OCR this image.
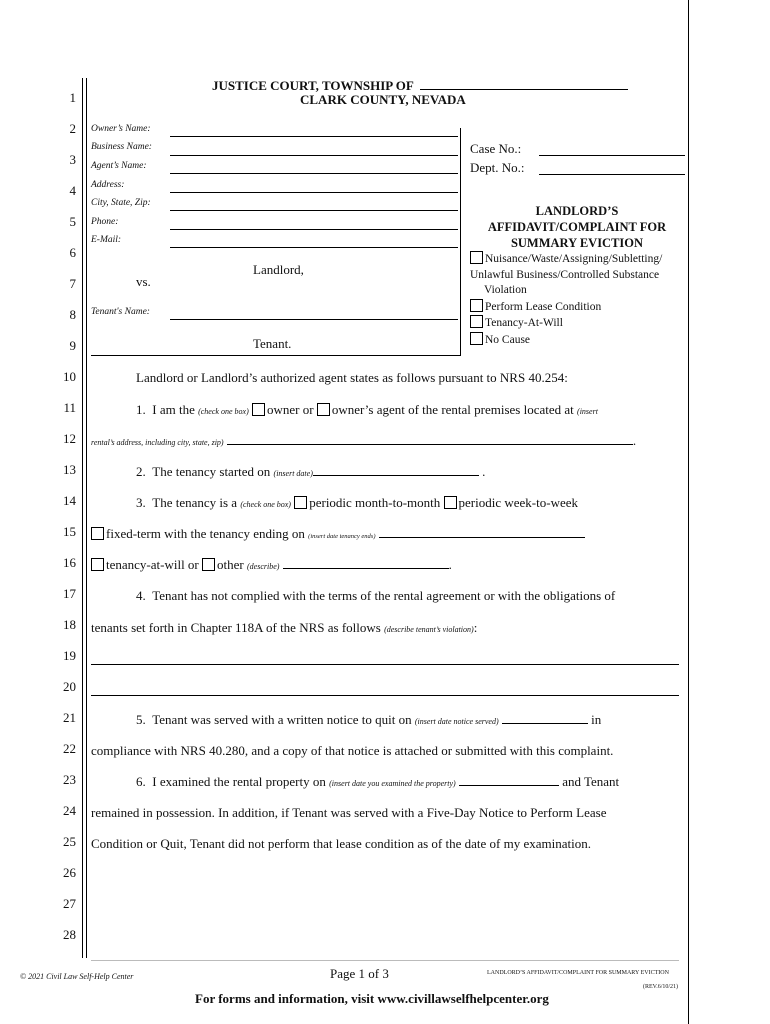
1
2
3
4
5
6
7
8
9
10
11
12
13
14
15
16
17
18
19
20
21
22
23
24
25
26
27
28
JUSTICE COURT, TOWNSHIP OF
CLARK COUNTY, NEVADA
Owner’s Name:
Business Name:
Agent’s Name:
Address:
City, State, Zip:
Phone:
E-Mail:
Landlord,
vs.
Tenant's Name:
Tenant.
Case No.:
Dept. No.:
LANDLORD’S
AFFIDAVIT/COMPLAINT FOR
SUMMARY EVICTION
Nuisance/Waste/Assigning/Subletting/
Unlawful Business/Controlled Substance
Violation
Perform Lease Condition
Tenancy-At-Will
No Cause
Landlord or Landlord’s authorized agent states as follows pursuant to NRS 40.254:
1. I am the (check one box) owner or owner’s agent of the rental premises located at (insert
rental’s address, including city, state, zip)	.
2. The tenancy started on (insert date)	.
3. The tenancy is a (check one box) periodic month-to-month periodic week-to-week
fixed-term with the tenancy ending on (insert date tenancy ends)
tenancy-at-will or other (describe)	.
4. Tenant has not complied with the terms of the rental agreement or with the obligations of
tenants set forth in Chapter 118A of the NRS as follows (describe tenant’s violation):
5. Tenant was served with a written notice to quit on (insert date notice served)	in
compliance with NRS 40.280, and a copy of that notice is attached or submitted with this complaint.
6. I examined the rental property on (insert date you examined the property)	and Tenant
remained in possession. In addition, if Tenant was served with a Five-Day Notice to Perform Lease
Condition or Quit, Tenant did not perform that lease condition as of the date of my examination.
© 2021 Civil Law Self-Help Center	Page 1 of 3	LANDLORD’S AFFIDAVIT/COMPLAINT FOR SUMMARY EVICTION
(REV.6/10/21)
For forms and information, visit www.civillawselfhelpcenter.org
